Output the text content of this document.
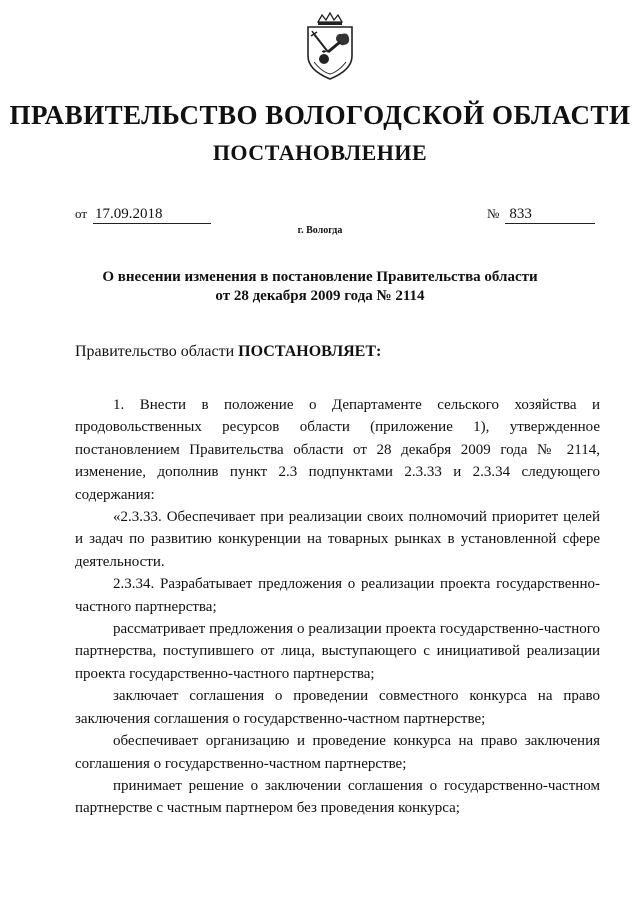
ПРАВИТЕЛЬСТВО ВОЛОГОДСКОЙ ОБЛАСТИ
ПОСТАНОВЛЕНИЕ
от 17.09.2018	№ 833
г. Вологда
О внесении изменения в постановление Правительства области
от 28 декабря 2009 года № 2114
Правительство области ПОСТАНОВЛЯЕТ:

1. Внести в положение о Департаменте сельского хозяйства и продовольственных ресурсов области (приложение 1), утвержденное постановлением Правительства области от 28 декабря 2009 года № 2114, изменение, дополнив пункт 2.3 подпунктами 2.3.33 и 2.3.34 следующего содержания:

«2.3.33. Обеспечивает при реализации своих полномочий приоритет целей и задач по развитию конкуренции на товарных рынках в установленной сфере деятельности.

2.3.34. Разрабатывает предложения о реализации проекта государственно-частного партнерства;

рассматривает предложения о реализации проекта государственно-частного партнерства, поступившего от лица, выступающего с инициативой реализации проекта государственно-частного партнерства;

заключает соглашения о проведении совместного конкурса на право заключения соглашения о государственно-частном партнерстве;

обеспечивает организацию и проведение конкурса на право заключения соглашения о государственно-частном партнерстве;

принимает решение о заключении соглашения о государственно-частном партнерстве с частным партнером без проведения конкурса;
